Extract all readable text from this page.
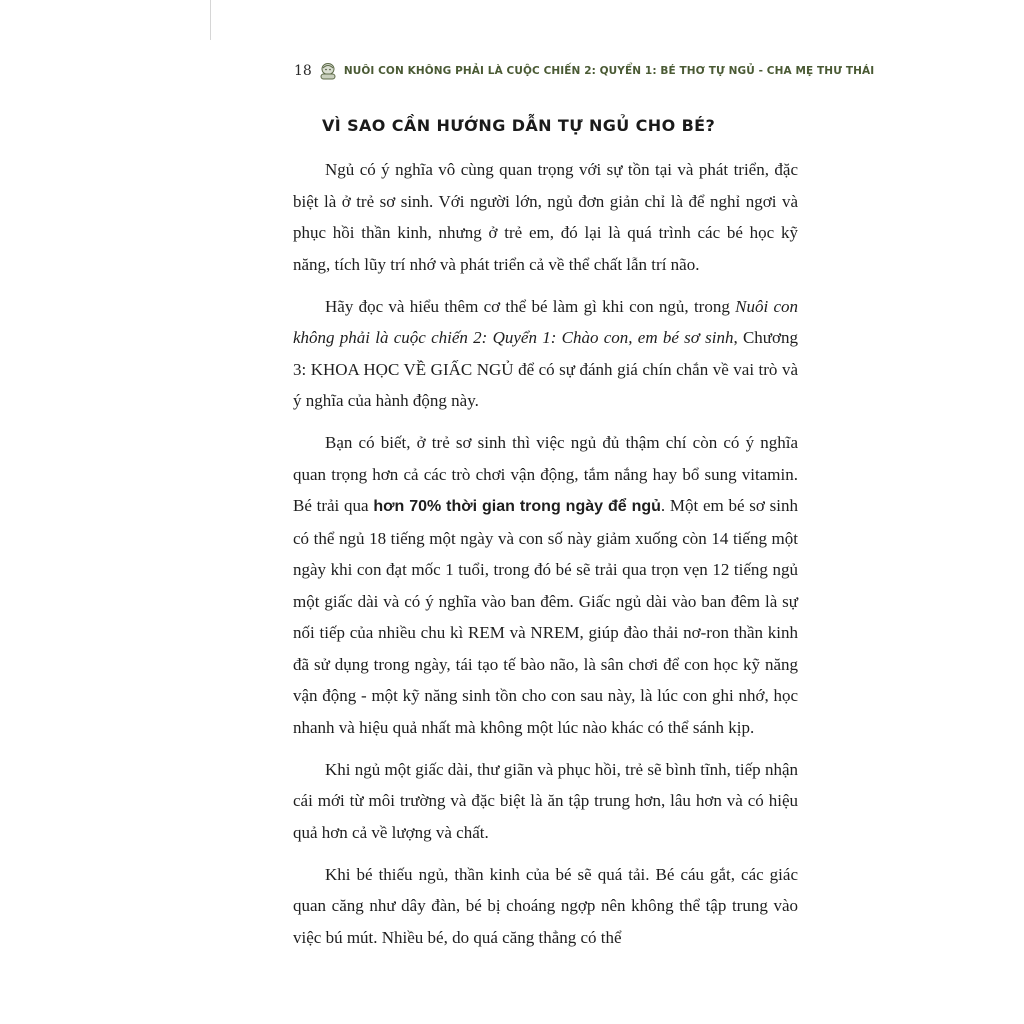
18	NUÔI CON KHÔNG PHẢI LÀ CUỘC CHIẾN 2: QUYỂN 1: BÉ THƠ TỰ NGỦ - CHA MẸ THƯ THÁI
VÌ SAO CẦN HƯỚNG DẪN TỰ NGỦ CHO BÉ?

Ngủ có ý nghĩa vô cùng quan trọng với sự tồn tại và phát triển, đặc biệt là ở trẻ sơ sinh. Với người lớn, ngủ đơn giản chỉ là để nghỉ ngơi và phục hồi thần kinh, nhưng ở trẻ em, đó lại là quá trình các bé học kỹ năng, tích lũy trí nhớ và phát triển cả về thể chất lẫn trí não.

Hãy đọc và hiểu thêm cơ thể bé làm gì khi con ngủ, trong Nuôi con không phải là cuộc chiến 2: Quyển 1: Chào con, em bé sơ sinh, Chương 3: KHOA HỌC VỀ GIẤC NGỦ để có sự đánh giá chín chắn về vai trò và ý nghĩa của hành động này.

Bạn có biết, ở trẻ sơ sinh thì việc ngủ đủ thậm chí còn có ý nghĩa quan trọng hơn cả các trò chơi vận động, tắm nắng hay bổ sung vitamin. Bé trải qua hơn 70% thời gian trong ngày để ngủ. Một em bé sơ sinh có thể ngủ 18 tiếng một ngày và con số này giảm xuống còn 14 tiếng một ngày khi con đạt mốc 1 tuổi, trong đó bé sẽ trải qua trọn vẹn 12 tiếng ngủ một giấc dài và có ý nghĩa vào ban đêm. Giấc ngủ dài vào ban đêm là sự nối tiếp của nhiều chu kì REM và NREM, giúp đào thải nơ-ron thần kinh đã sử dụng trong ngày, tái tạo tế bào não, là sân chơi để con học kỹ năng vận động - một kỹ năng sinh tồn cho con sau này, là lúc con ghi nhớ, học nhanh và hiệu quả nhất mà không một lúc nào khác có thể sánh kịp.

Khi ngủ một giấc dài, thư giãn và phục hồi, trẻ sẽ bình tĩnh, tiếp nhận cái mới từ môi trường và đặc biệt là ăn tập trung hơn, lâu hơn và có hiệu quả hơn cả về lượng và chất.

Khi bé thiếu ngủ, thần kinh của bé sẽ quá tải. Bé cáu gắt, các giác quan căng như dây đàn, bé bị choáng ngợp nên không thể tập trung vào việc bú mút. Nhiều bé, do quá căng thẳng có thể
